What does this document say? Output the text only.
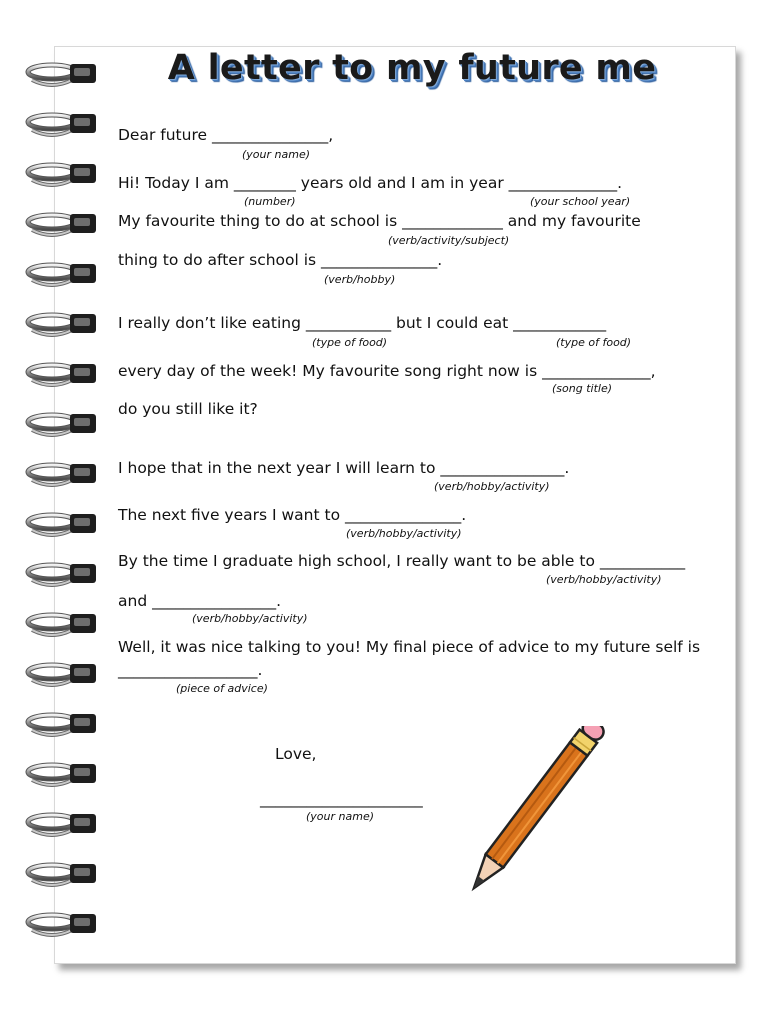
A letter to my future me
Dear future _______________,
(your name)
Hi! Today I am ________ years old and I am in year ______________.
(number)	(your school year)
My favourite thing to do at school is _____________ and my favourite
(verb/activity/subject)
thing to do after school is _______________.
(verb/hobby)
I really don’t like eating ___________ but I could eat ____________
(type of food)	(type of food)
every day of the week! My favourite song right now is ______________,
(song title)
do you still like it?
I hope that in the next year I will learn to ________________.
(verb/hobby/activity)
The next five years I want to _______________.
(verb/hobby/activity)
By the time I graduate high school, I really want to be able to ___________
(verb/hobby/activity)
and ________________.
(verb/hobby/activity)
Well, it was nice talking to you! My final piece of advice to my future self is
__________________.
(piece of advice)
Love,
_____________________
(your name)
